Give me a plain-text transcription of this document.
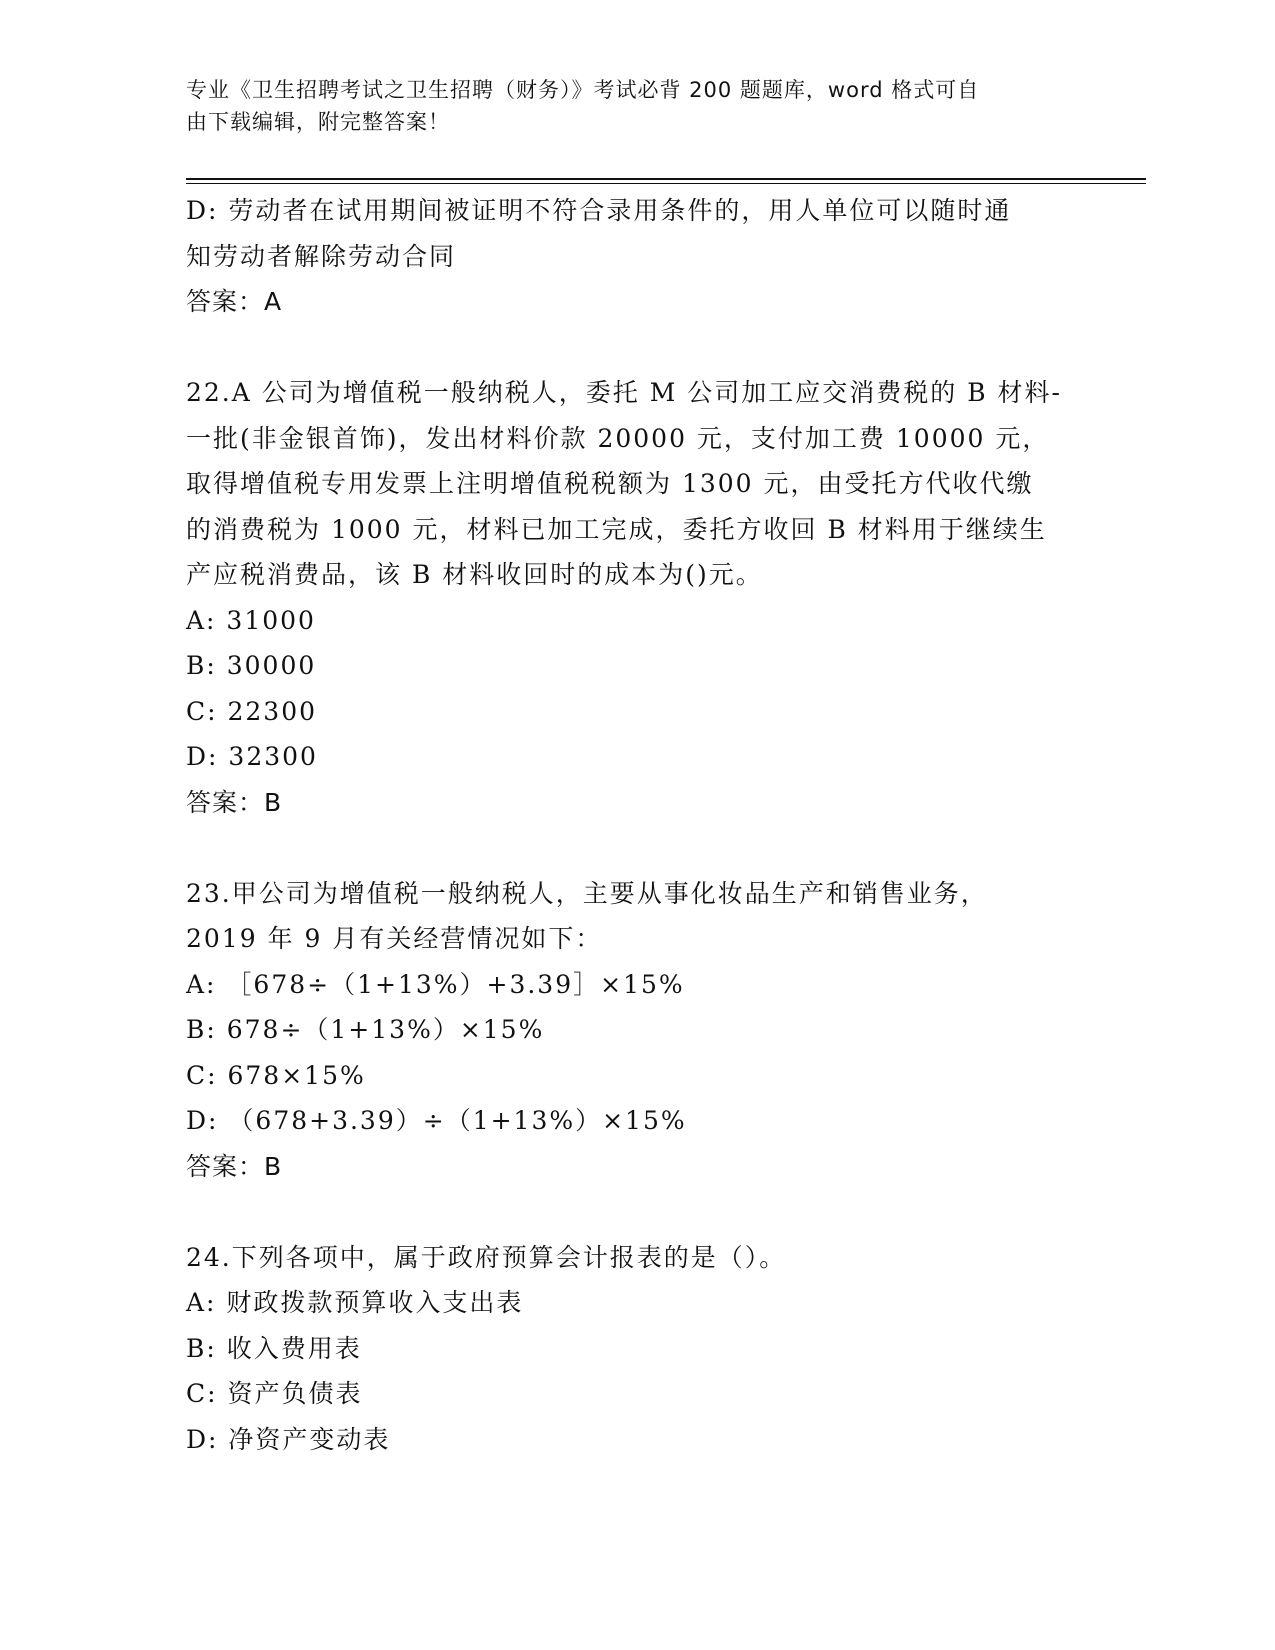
专业《卫生招聘考试之卫生招聘（财务）》考试必背 200 题题库，word 格式可自
由下载编辑，附完整答案！
D: 劳动者在试用期间被证明不符合录用条件的，用人单位可以随时通
知劳动者解除劳动合同
答案：A
22.A 公司为增值税一般纳税人，委托 M 公司加工应交消费税的 B 材料-
一批(非金银首饰)，发出材料价款 20000 元，支付加工费 10000 元，
取得增值税专用发票上注明增值税税额为 1300 元，由受托方代收代缴
的消费税为 1000 元，材料已加工完成，委托方收回 B 材料用于继续生
产应税消费品，该 B 材料收回时的成本为()元。
A: 31000
B: 30000
C: 22300
D: 32300
答案：B
23.甲公司为增值税一般纳税人，主要从事化妆品生产和销售业务，
2019 年 9 月有关经营情况如下：
A: ［678÷（1+13%）+3.39］×15%
B: 678÷（1+13%）×15%
C: 678×15%
D: （678+3.39）÷（1+13%）×15%
答案：B
24.下列各项中，属于政府预算会计报表的是（）。
A: 财政拨款预算收入支出表
B: 收入费用表
C: 资产负债表
D: 净资产变动表
